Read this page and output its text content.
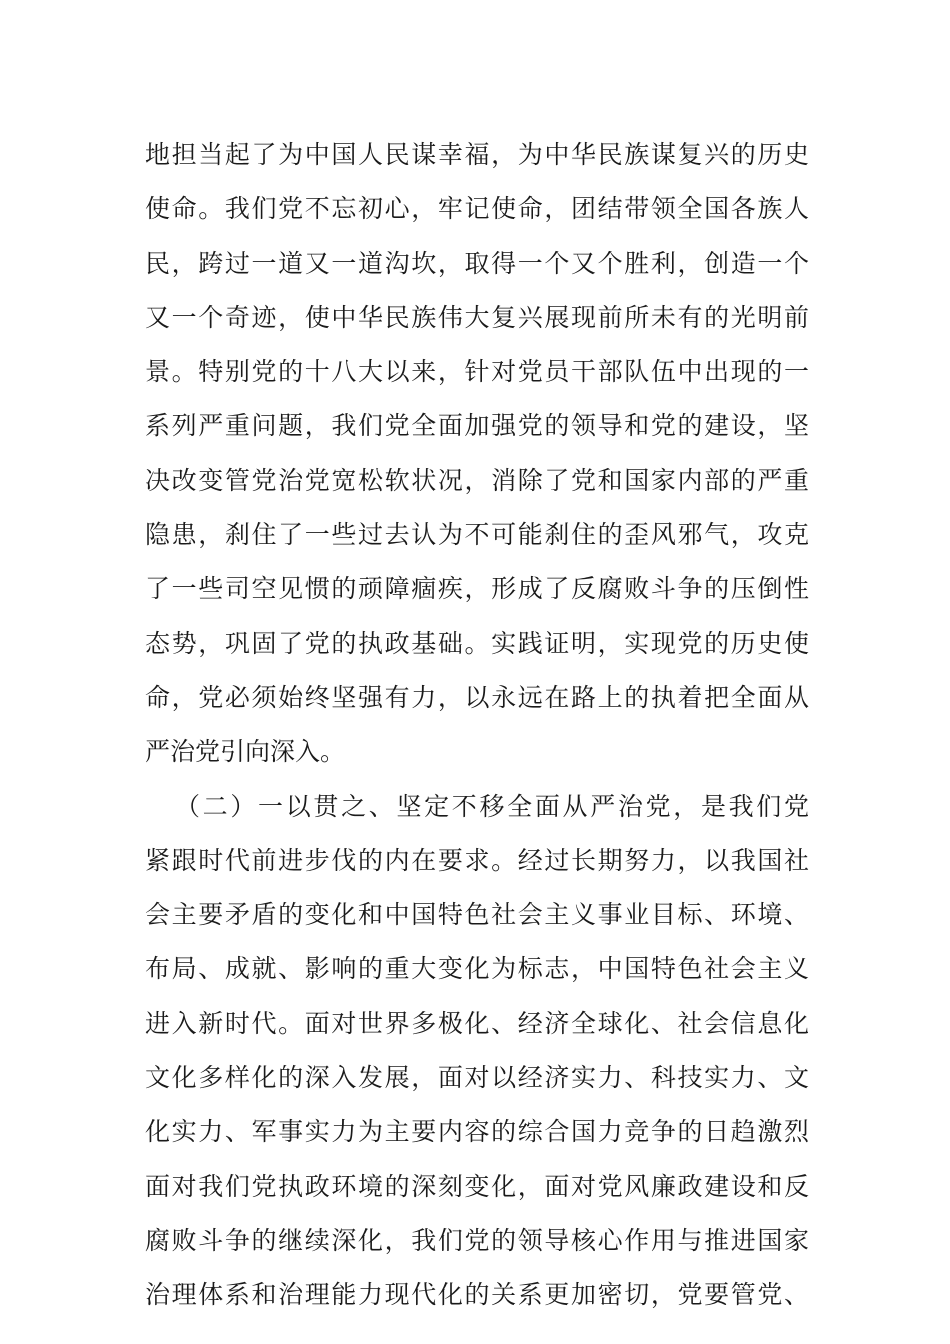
地担当起了为中国人民谋幸福，为中华民族谋复兴的历史
使命。我们党不忘初心，牢记使命，团结带领全国各族人
民，跨过一道又一道沟坎，取得一个又个胜利，创造一个
又一个奇迹，使中华民族伟大复兴展现前所未有的光明前
景。特别党的十八大以来，针对党员干部队伍中出现的一
系列严重问题，我们党全面加强党的领导和党的建设，坚
决改变管党治党宽松软状况，消除了党和国家内部的严重
隐患，刹住了一些过去认为不可能刹住的歪风邪气，攻克
了一些司空见惯的顽障痼疾，形成了反腐败斗争的压倒性
态势，巩固了党的执政基础。实践证明，实现党的历史使
命，党必须始终坚强有力，以永远在路上的执着把全面从
严治党引向深入。
（二）一以贯之、坚定不移全面从严治党，是我们党
紧跟时代前进步伐的内在要求。经过长期努力，以我国社
会主要矛盾的变化和中国特色社会主义事业目标、环境、
布局、成就、影响的重大变化为标志，中国特色社会主义
进入新时代。面对世界多极化、经济全球化、社会信息化
文化多样化的深入发展，面对以经济实力、科技实力、文
化实力、军事实力为主要内容的综合国力竞争的日趋激烈
面对我们党执政环境的深刻变化，面对党风廉政建设和反
腐败斗争的继续深化，我们党的领导核心作用与推进国家
治理体系和治理能力现代化的关系更加密切，党要管党、
